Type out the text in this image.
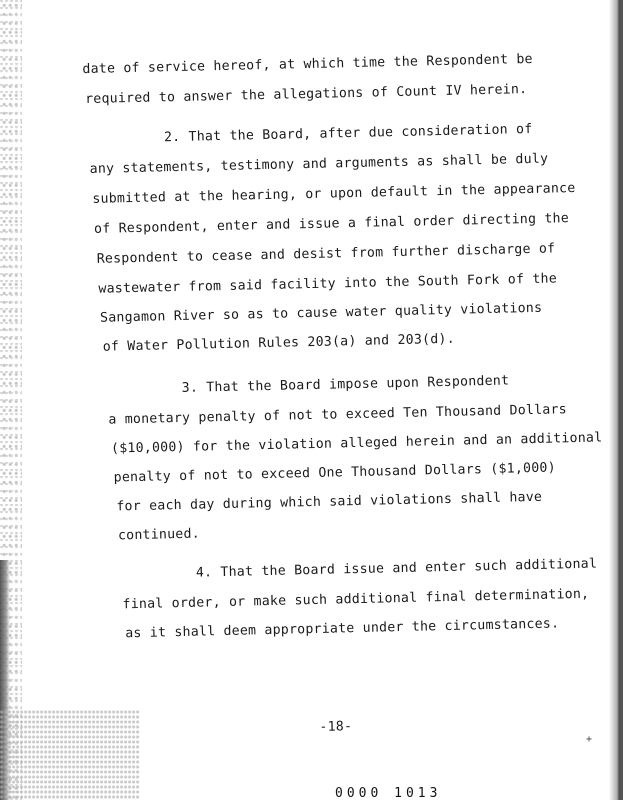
date of service hereof, at which time the Respondent be
required to answer the allegations of Count IV herein.
2. That the Board, after due consideration of
any statements, testimony and arguments as shall be duly
submitted at the hearing, or upon default in the appearance
of Respondent, enter and issue a final order directing the
Respondent to cease and desist from further discharge of
wastewater from said facility into the South Fork of the
Sangamon River so as to cause water quality violations
of Water Pollution Rules 203(a) and 203(d).
3. That the Board impose upon Respondent
a monetary penalty of not to exceed Ten Thousand Dollars
($10,000) for the violation alleged herein and an additional
penalty of not to exceed One Thousand Dollars ($1,000)
for each day during which said violations shall have
continued.
4. That the Board issue and enter such additional
final order, or make such additional final determination,
as it shall deem appropriate under the circumstances.
-18-
+
0000 1013
